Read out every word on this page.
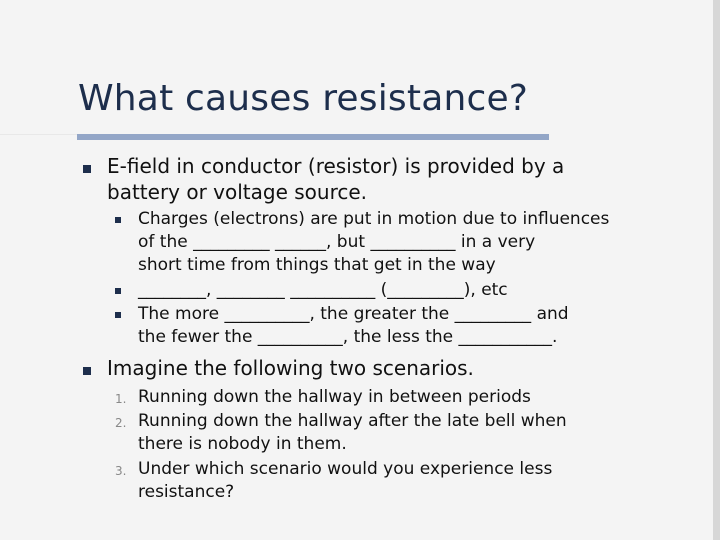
What causes resistance?
E-field in conductor (resistor) is provided by a
battery or voltage source.
Charges (electrons) are put in motion due to influences
of the _________ ______, but __________ in a very
short time from things that get in the way
________, ________ __________ (_________), etc
The more __________, the greater the _________ and
the fewer the __________, the less the ___________.
Imagine the following two scenarios.
1. Running down the hallway in between periods
2. Running down the hallway after the late bell when
there is nobody in them.
3. Under which scenario would you experience less
resistance?
